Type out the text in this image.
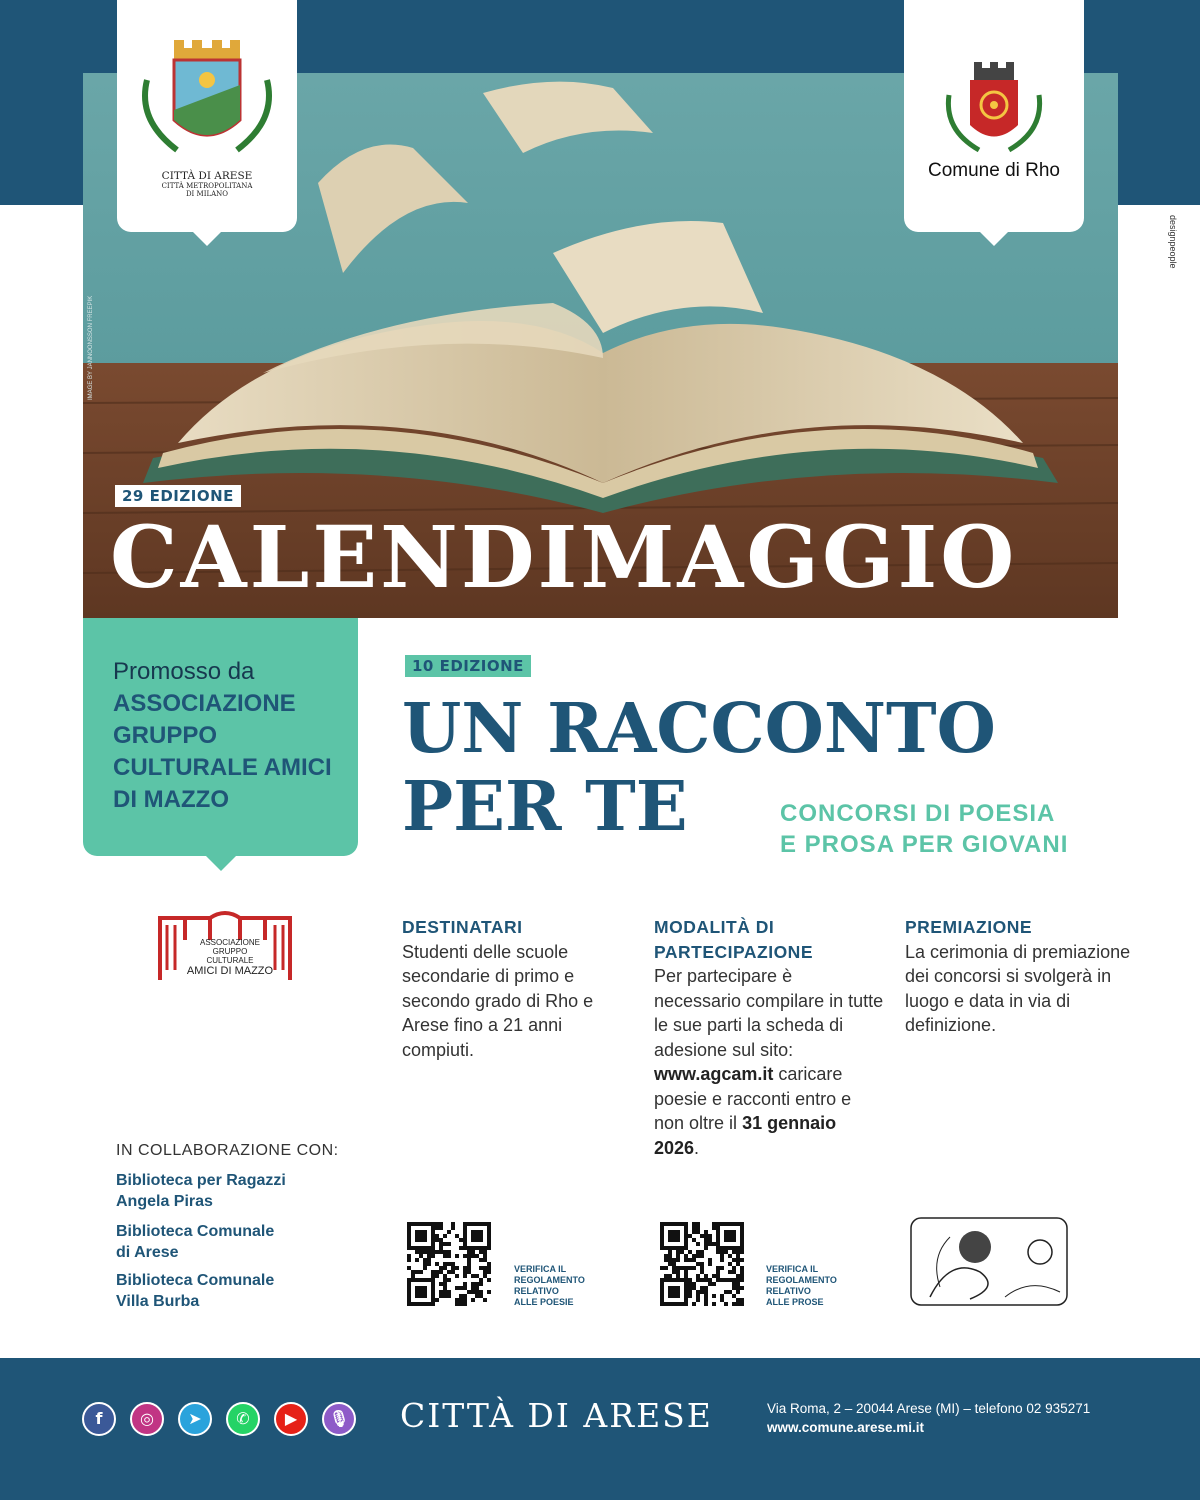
CITTÀ DI ARESE
CITTÀ METROPOLITANA
DI MILANO
Comune di Rho
designpeople
IMAGE BY JANNOONSSON FREEPIK
29 EDIZIONE
CALENDIMAGGIO
Promosso da
ASSOCIAZIONE GRUPPO CULTURALE AMICI DI MAZZO
10 EDIZIONE
UN RACCONTO
PER TE	CONCORSI DI POESIA
E PROSA PER GIOVANI
ASSOCIAZIONE
GRUPPO
CULTURALE
AMICI DI MAZZO
DESTINATARI
Studenti delle scuole secondarie di primo e secondo grado di Rho e Arese fino a 21 anni compiuti.
MODALITÀ DI PARTECIPAZIONE
Per partecipare è necessario compilare in tutte le sue parti la scheda di adesione sul sito: www.agcam.it caricare poesie e racconti entro e non oltre il 31 gennaio 2026.
PREMIAZIONE
La cerimonia di premiazione dei concorsi si svolgerà in luogo e data in via di definizione.
IN COLLABORAZIONE CON:
Biblioteca per Ragazzi
Angela Piras
Biblioteca Comunale
di Arese
Biblioteca Comunale
Villa Burba
VERIFICA IL
REGOLAMENTO
RELATIVO
ALLE POESIE
VERIFICA IL
REGOLAMENTO
RELATIVO
ALLE PROSE
f	◎	➤	✆	▶	🎙 CITTÀ DI ARESE	Via Roma, 2 – 20044 Arese (MI) – telefono 02 935271
www.comune.arese.mi.it
